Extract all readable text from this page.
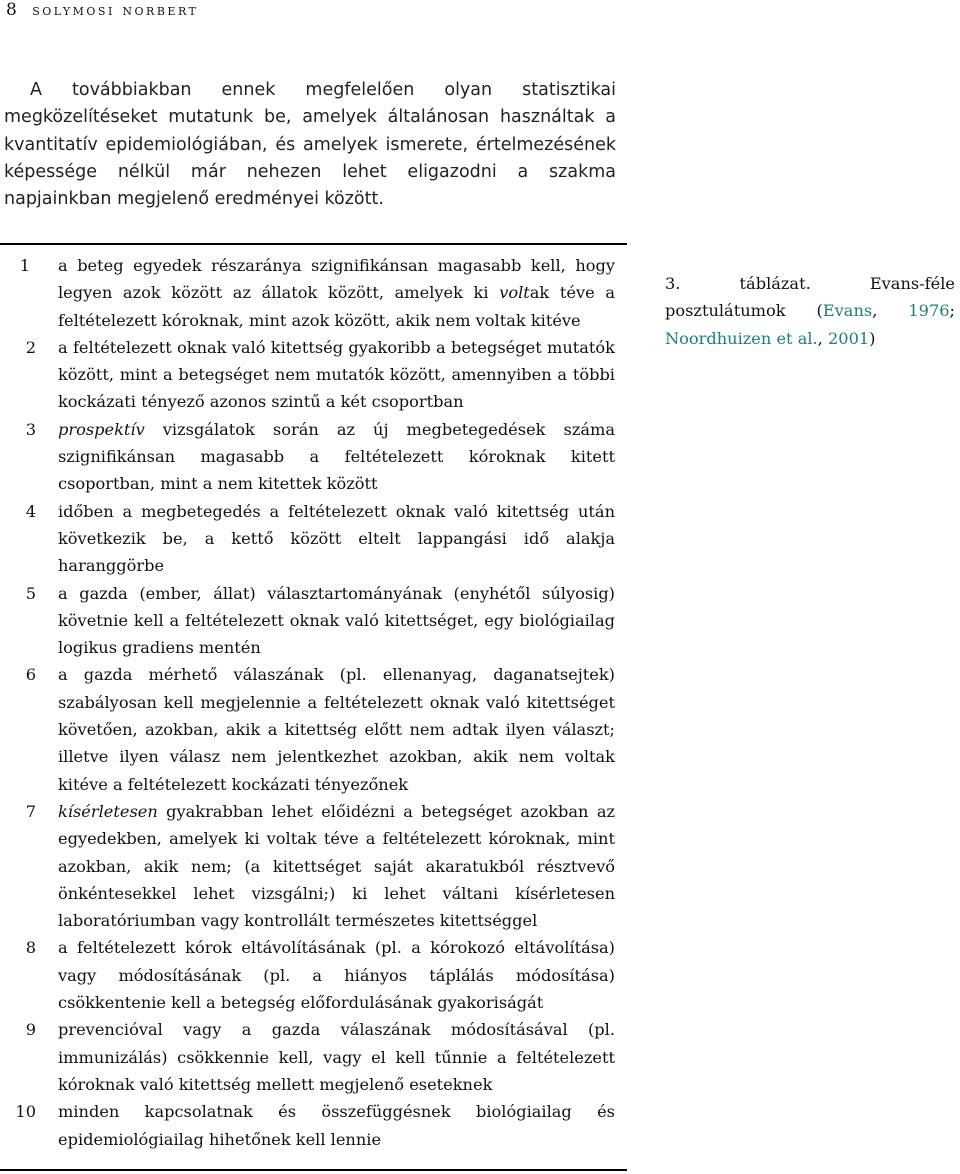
8 solymosi norbert

A továbbiakban ennek megfelelően olyan statisztikai megközelítéseket mutatunk be, amelyek általánosan használtak a kvantitatív epidemiológiában, és amelyek ismerete, értelmezésének képessége nélkül már nehezen lehet eligazodni a szakma napjainkban megjelenő eredményei között.

1 a beteg egyedek részaránya szignifikánsan magasabb kell, hogy legyen azok között az állatok között, amelyek ki voltak téve a feltételezett kóroknak, mint azok között, akik nem voltak kitéve
2 a feltételezett oknak való kitettség gyakoribb a betegséget mutatók között, mint a betegséget nem mutatók között, amennyiben a többi kockázati tényező azonos szintű a két csoportban
3 prospektív vizsgálatok során az új megbetegedések száma szignifikánsan magasabb a feltételezett kóroknak kitett csoportban, mint a nem kitettek között
4 időben a megbetegedés a feltételezett oknak való kitettség után következik be, a kettő között eltelt lappangási idő alakja haranggörbe
5 a gazda (ember, állat) választartományának (enyhétől súlyosig) követnie kell a feltételezett oknak való kitettséget, egy biológiailag logikus gradiens mentén
6 a gazda mérhető válaszának (pl. ellenanyag, daganatsejtek) szabályosan kell megjelennie a feltételezett oknak való kitettséget követően, azokban, akik a kitettség előtt nem adtak ilyen választ; illetve ilyen válasz nem jelentkezhet azokban, akik nem voltak kitéve a feltételezett kockázati tényezőnek
7 kísérletesen gyakrabban lehet előidézni a betegséget azokban az egyedekben, amelyek ki voltak téve a feltételezett kóroknak, mint azokban, akik nem; (a kitettséget saját akaratukból résztvevő önkéntesekkel lehet vizsgálni;) ki lehet váltani kísérletesen laboratóriumban vagy kontrollált természetes kitettséggel
8 a feltételezett kórok eltávolításának (pl. a kórokozó eltávolítása) vagy módosításának (pl. a hiányos táplálás módosítása) csökkentenie kell a betegség előfordulásának gyakoriságát
9 prevencióval vagy a gazda válaszának módosításával (pl. immunizálás) csökkennie kell, vagy el kell tűnnie a feltételezett kóroknak való kitettség mellett megjelenő eseteknek
10 minden kapcsolatnak és összefüggésnek biológiailag és epidemiológiailag hihetőnek kell lennie
3. táblázat. Evans-féle posztulátumok (Evans, 1976; Noordhuizen et al., 2001)
